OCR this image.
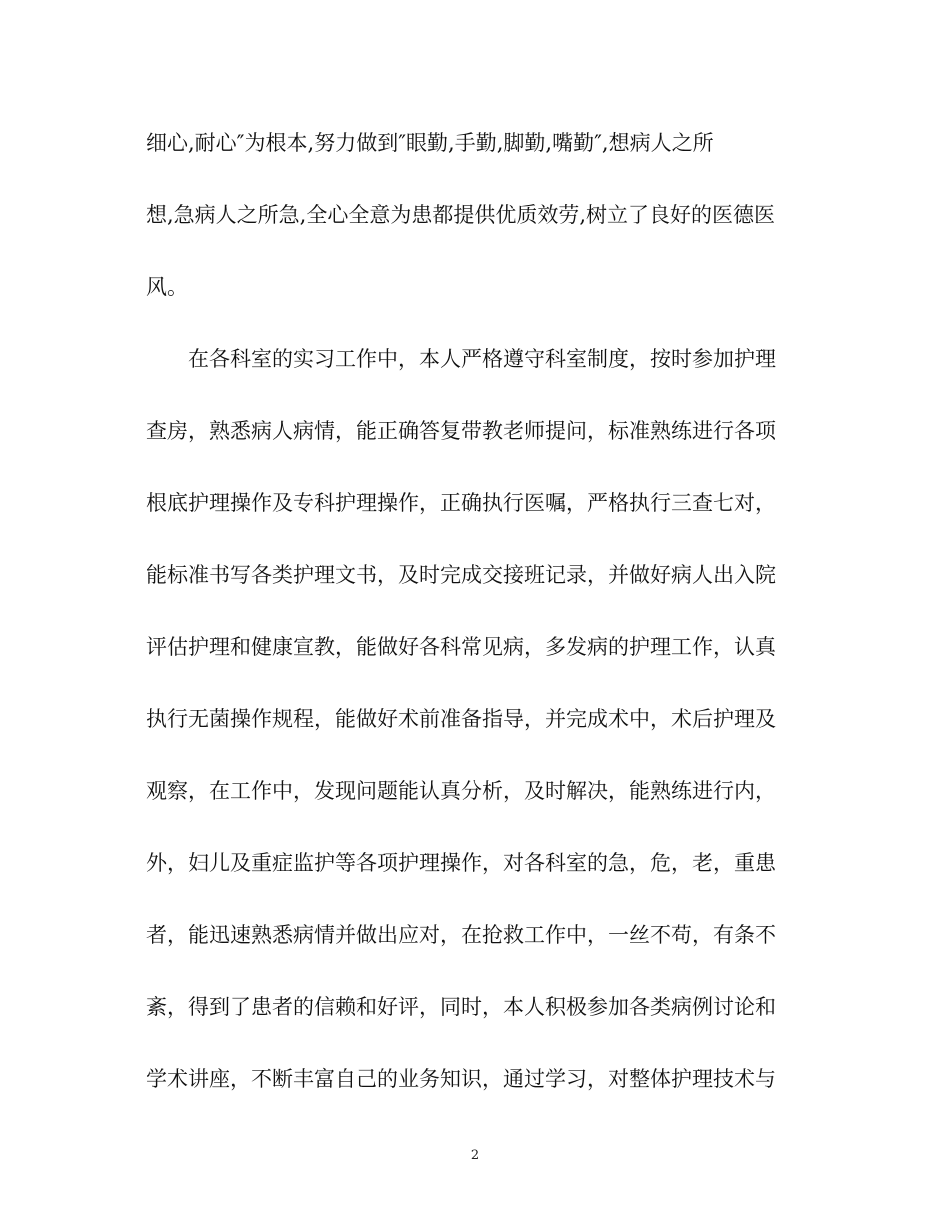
细心,耐心″为根本,努力做到″眼勤,手勤,脚勤,嘴勤″,想病人之所
想,急病人之所急,全心全意为患都提供优质效劳,树立了良好的医德医
风。
在各科室的实习工作中，本人严格遵守科室制度，按时参加护理
查房，熟悉病人病情，能正确答复带教老师提问，标准熟练进行各项
根底护理操作及专科护理操作，正确执行医嘱，严格执行三查七对，
能标准书写各类护理文书，及时完成交接班记录，并做好病人出入院
评估护理和健康宣教，能做好各科常见病，多发病的护理工作，认真
执行无菌操作规程，能做好术前准备指导，并完成术中，术后护理及
观察，在工作中，发现问题能认真分析，及时解决，能熟练进行内，
外，妇儿及重症监护等各项护理操作，对各科室的急，危，老，重患
者，能迅速熟悉病情并做出应对，在抢救工作中，一丝不苟，有条不
紊，得到了患者的信赖和好评，同时，本人积极参加各类病例讨论和
学术讲座，不断丰富自己的业务知识，通过学习，对整体护理技术与
2
